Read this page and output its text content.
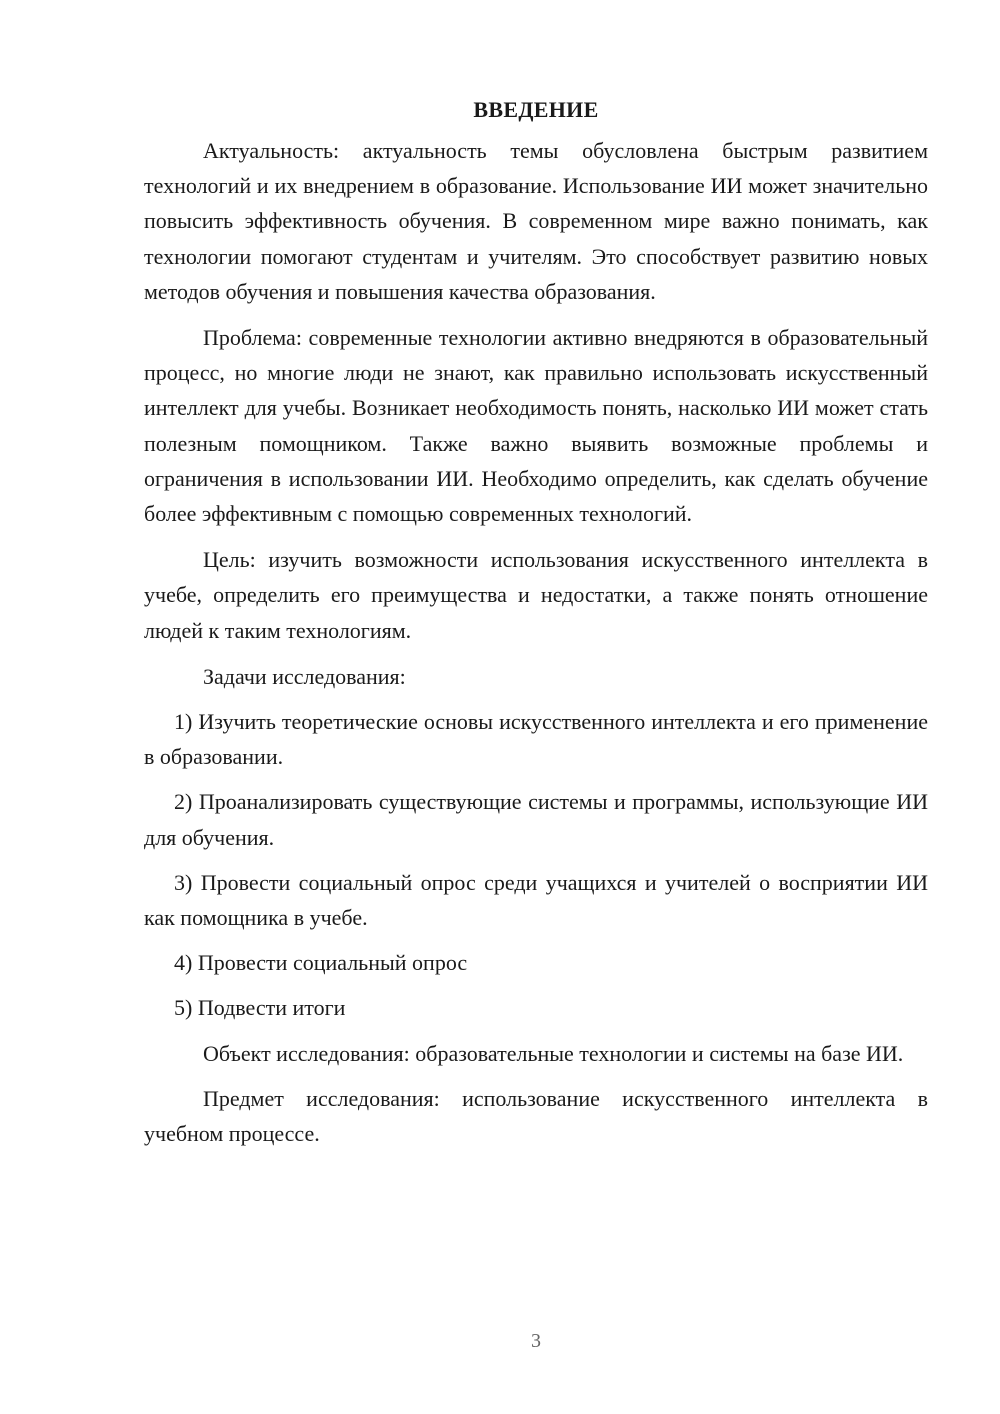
ВВЕДЕНИЕ

Актуальность: актуальность темы обусловлена быстрым развитием технологий и их внедрением в образование. Использование ИИ может значительно повысить эффективность обучения. В современном мире важно понимать, как технологии помогают студентам и учителям. Это способствует развитию новых методов обучения и повышения качества образования.

Проблема: современные технологии активно внедряются в образовательный процесс, но многие люди не знают, как правильно использовать искусственный интеллект для учебы. Возникает необходимость понять, насколько ИИ может стать полезным помощником. Также важно выявить возможные проблемы и ограничения в использовании ИИ. Необходимо определить, как сделать обучение более эффективным с помощью современных технологий.

Цель: изучить возможности использования искусственного интеллекта в учебе, определить его преимущества и недостатки, а также понять отношение людей к таким технологиям.

Задачи исследования:

1) Изучить теоретические основы искусственного интеллекта и его применение в образовании.

2) Проанализировать существующие системы и программы, использующие ИИ для обучения.

3) Провести социальный опрос среди учащихся и учителей о восприятии ИИ как помощника в учебе.

4) Провести социальный опрос

5) Подвести итоги

Объект исследования: образовательные технологии и системы на базе ИИ.

Предмет исследования: использование искусственного интеллекта в учебном процессе.

3
